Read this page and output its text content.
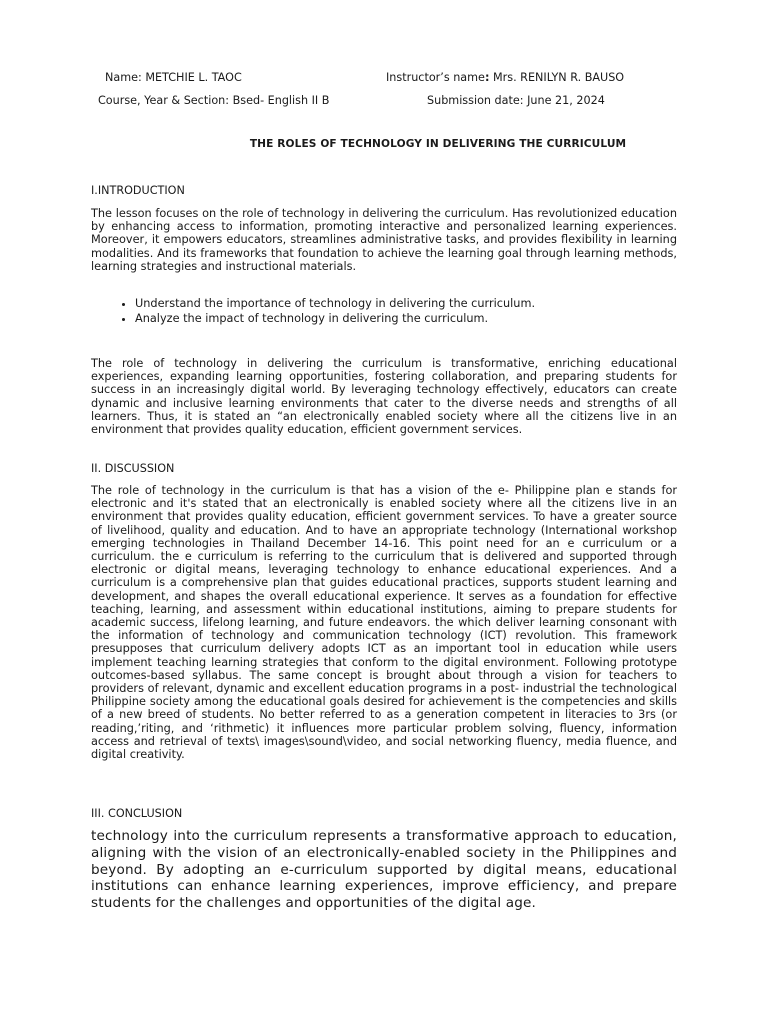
Name: METCHIE L. TAOC	Instructor’s name: Mrs. RENILYN R. BAUSO
Course, Year & Section: Bsed- English II B	Submission date: June 21, 2024
THE ROLES OF TECHNOLOGY IN DELIVERING THE CURRICULUM
I.INTRODUCTION

The lesson focuses on the role of technology in delivering the curriculum. Has revolutionized education by enhancing access to information, promoting interactive and personalized learning experiences. Moreover, it empowers educators, streamlines administrative tasks, and provides flexibility in learning modalities. And its frameworks that foundation to achieve the learning goal through learning methods, learning strategies and instructional materials.

• Understand the importance of technology in delivering the curriculum.
• Analyze the impact of technology in delivering the curriculum.

The role of technology in delivering the curriculum is transformative, enriching educational experiences, expanding learning opportunities, fostering collaboration, and preparing students for success in an increasingly digital world. By leveraging technology effectively, educators can create dynamic and inclusive learning environments that cater to the diverse needs and strengths of all learners. Thus, it is stated an “an electronically enabled society where all the citizens live in an environment that provides quality education, efficient government services.

II. DISCUSSION

The role of technology in the curriculum is that has a vision of the e- Philippine plan e stands for electronic and it's stated that an electronically is enabled society where all the citizens live in an environment that provides quality education, efficient government services. To have a greater source of livelihood, quality and education. And to have an appropriate technology (International workshop emerging technologies in Thailand December 14-16. This point need for an e curriculum or a curriculum. the e curriculum is referring to the curriculum that is delivered and supported through electronic or digital means, leveraging technology to enhance educational experiences. And a curriculum is a comprehensive plan that guides educational practices, supports student learning and development, and shapes the overall educational experience. It serves as a foundation for effective teaching, learning, and assessment within educational institutions, aiming to prepare students for academic success, lifelong learning, and future endeavors. the which deliver learning consonant with the information of technology and communication technology (ICT) revolution. This framework presupposes that curriculum delivery adopts ICT as an important tool in education while users implement teaching learning strategies that conform to the digital environment. Following prototype outcomes-based syllabus. The same concept is brought about through a vision for teachers to providers of relevant, dynamic and excellent education programs in a post- industrial the technological Philippine society among the educational goals desired for achievement is the competencies and skills of a new breed of students. No better referred to as a generation competent in literacies to 3rs (or reading,’riting, and ‘rithmetic) it influences more particular problem solving, fluency, information access and retrieval of texts\ images\sound\video, and social networking fluency, media fluence, and digital creativity.

III. CONCLUSION

technology into the curriculum represents a transformative approach to education, aligning with the vision of an electronically-enabled society in the Philippines and beyond. By adopting an e-curriculum supported by digital means, educational institutions can enhance learning experiences, improve efficiency, and prepare students for the challenges and opportunities of the digital age.
